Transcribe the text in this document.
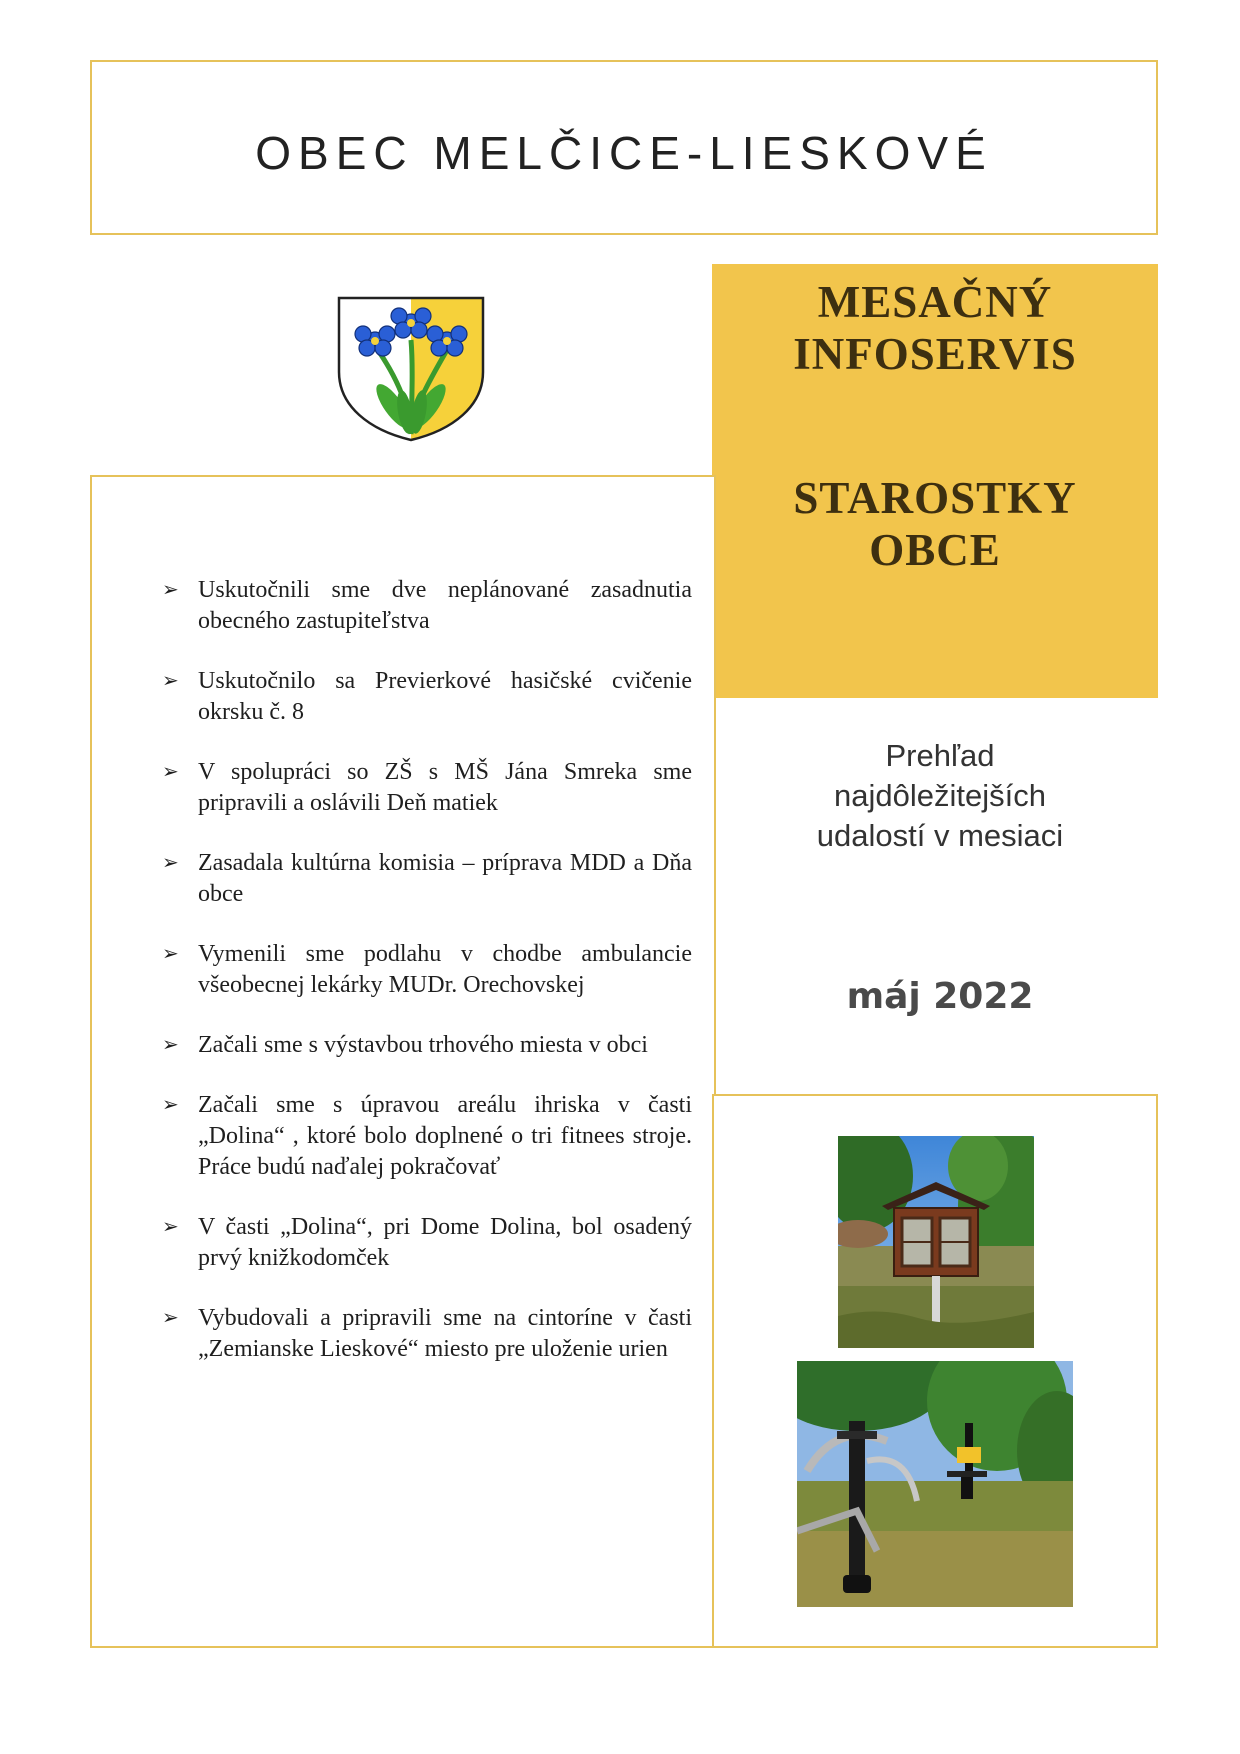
OBEC MELČICE-LIESKOVÉ
MESAČNÝ
INFOSERVIS
STAROSTKY
OBCE
➢ Uskutočnili sme dve neplánované zasadnutia obecného zastupiteľstva
➢ Uskutočnilo sa Previerkové hasičské cvičenie okrsku č. 8
➢ V spolupráci so ZŠ s MŠ Jána Smreka sme pripravili a oslávili Deň matiek
➢ Zasadala kultúrna komisia – príprava MDD a Dňa obce
➢ Vymenili sme podlahu v chodbe ambulancie všeobecnej lekárky MUDr. Orechovskej
➢ Začali sme s výstavbou trhového miesta v obci
➢ Začali sme s úpravou areálu ihriska v časti „Dolina“ , ktoré bolo doplnené o tri fitnees stroje. Práce budú naďalej pokračovať
➢ V časti „Dolina“, pri Dome Dolina, bol osadený prvý knižkodomček
➢ Vybudovali a pripravili sme na cintoríne v časti „Zemianske Lieskové“ miesto pre uloženie urien
Prehľad
najdôležitejších
udalostí v mesiaci
máj 2022
